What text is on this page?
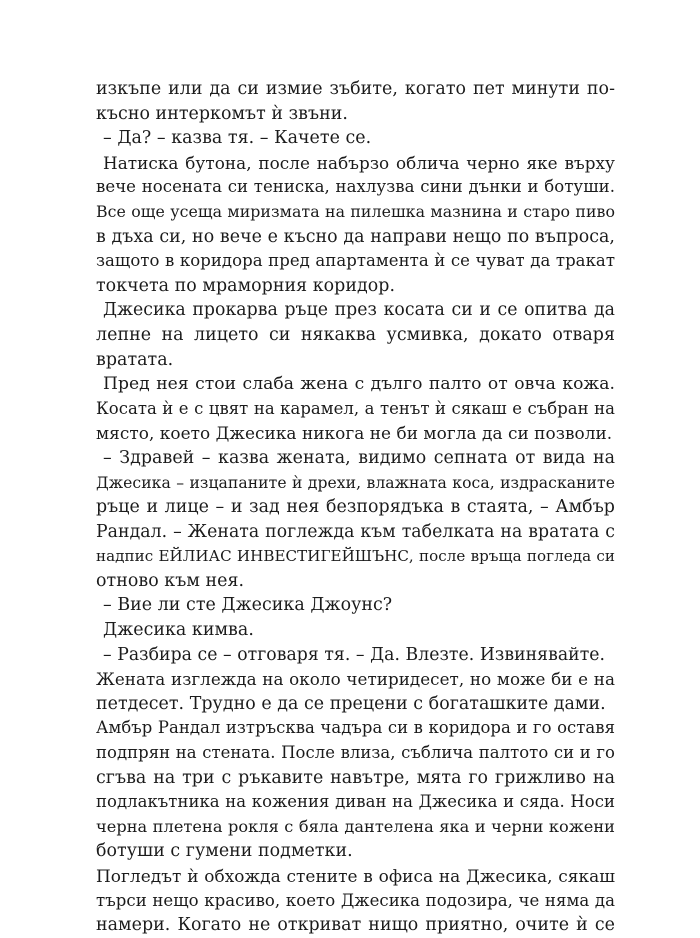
изкъпе или да си измие зъбите, когато пет минути по-
късно интеркомът ѝ звъни.
– Да? – казва тя. – Качете се.
Натиска бутона, после набързо облича черно яке върху
вече носената си тениска, нахлузва сини дънки и ботуши.
Все още усеща миризмата на пилешка мазнина и старо пиво
в дъха си, но вече е късно да направи нещо по въпроса,
защото в коридора пред апартамента ѝ се чуват да тракат
токчета по мраморния коридор.
Джесика прокарва ръце през косата си и се опитва да
лепне на лицето си някаква усмивка, докато отваря
вратата.
Пред нея стои слаба жена с дълго палто от овча кожа.
Косата ѝ е с цвят на карамел, а тенът ѝ сякаш е събран на
място, което Джесика никога не би могла да си позволи.
– Здравей – казва жената, видимо сепната от вида на
Джесика – изцапаните ѝ дрехи, влажната коса, издрасканите
ръце и лице – и зад нея безпорядъка в стаята, – Амбър
Рандал. – Жената поглежда към табелката на вратата с
надпис ЕЙЛИАС ИНВЕСТИГЕЙШЪНС, после връща погледа си
отново към нея.
– Вие ли сте Джесика Джоунс?
Джесика кимва.
– Разбира се – отговаря тя. – Да. Влезте. Извинявайте.
Жената изглежда на около четиридесет, но може би е на
петдесет. Трудно е да се прецени с богаташките дами.
Амбър Рандал изтръсква чадъра си в коридора и го оставя
подпрян на стената. После влиза, съблича палтото си и го
сгъва на три с ръкавите навътре, мята го грижливо на
подлакътника на кожения диван на Джесика и сяда. Носи
черна плетена рокля с бяла дантелена яка и черни кожени
ботуши с гумени подметки.
Погледът ѝ обхожда стените в офиса на Джесика, сякаш
търси нещо красиво, което Джесика подозира, че няма да
намери. Когато не откриват нищо приятно, очите ѝ се
